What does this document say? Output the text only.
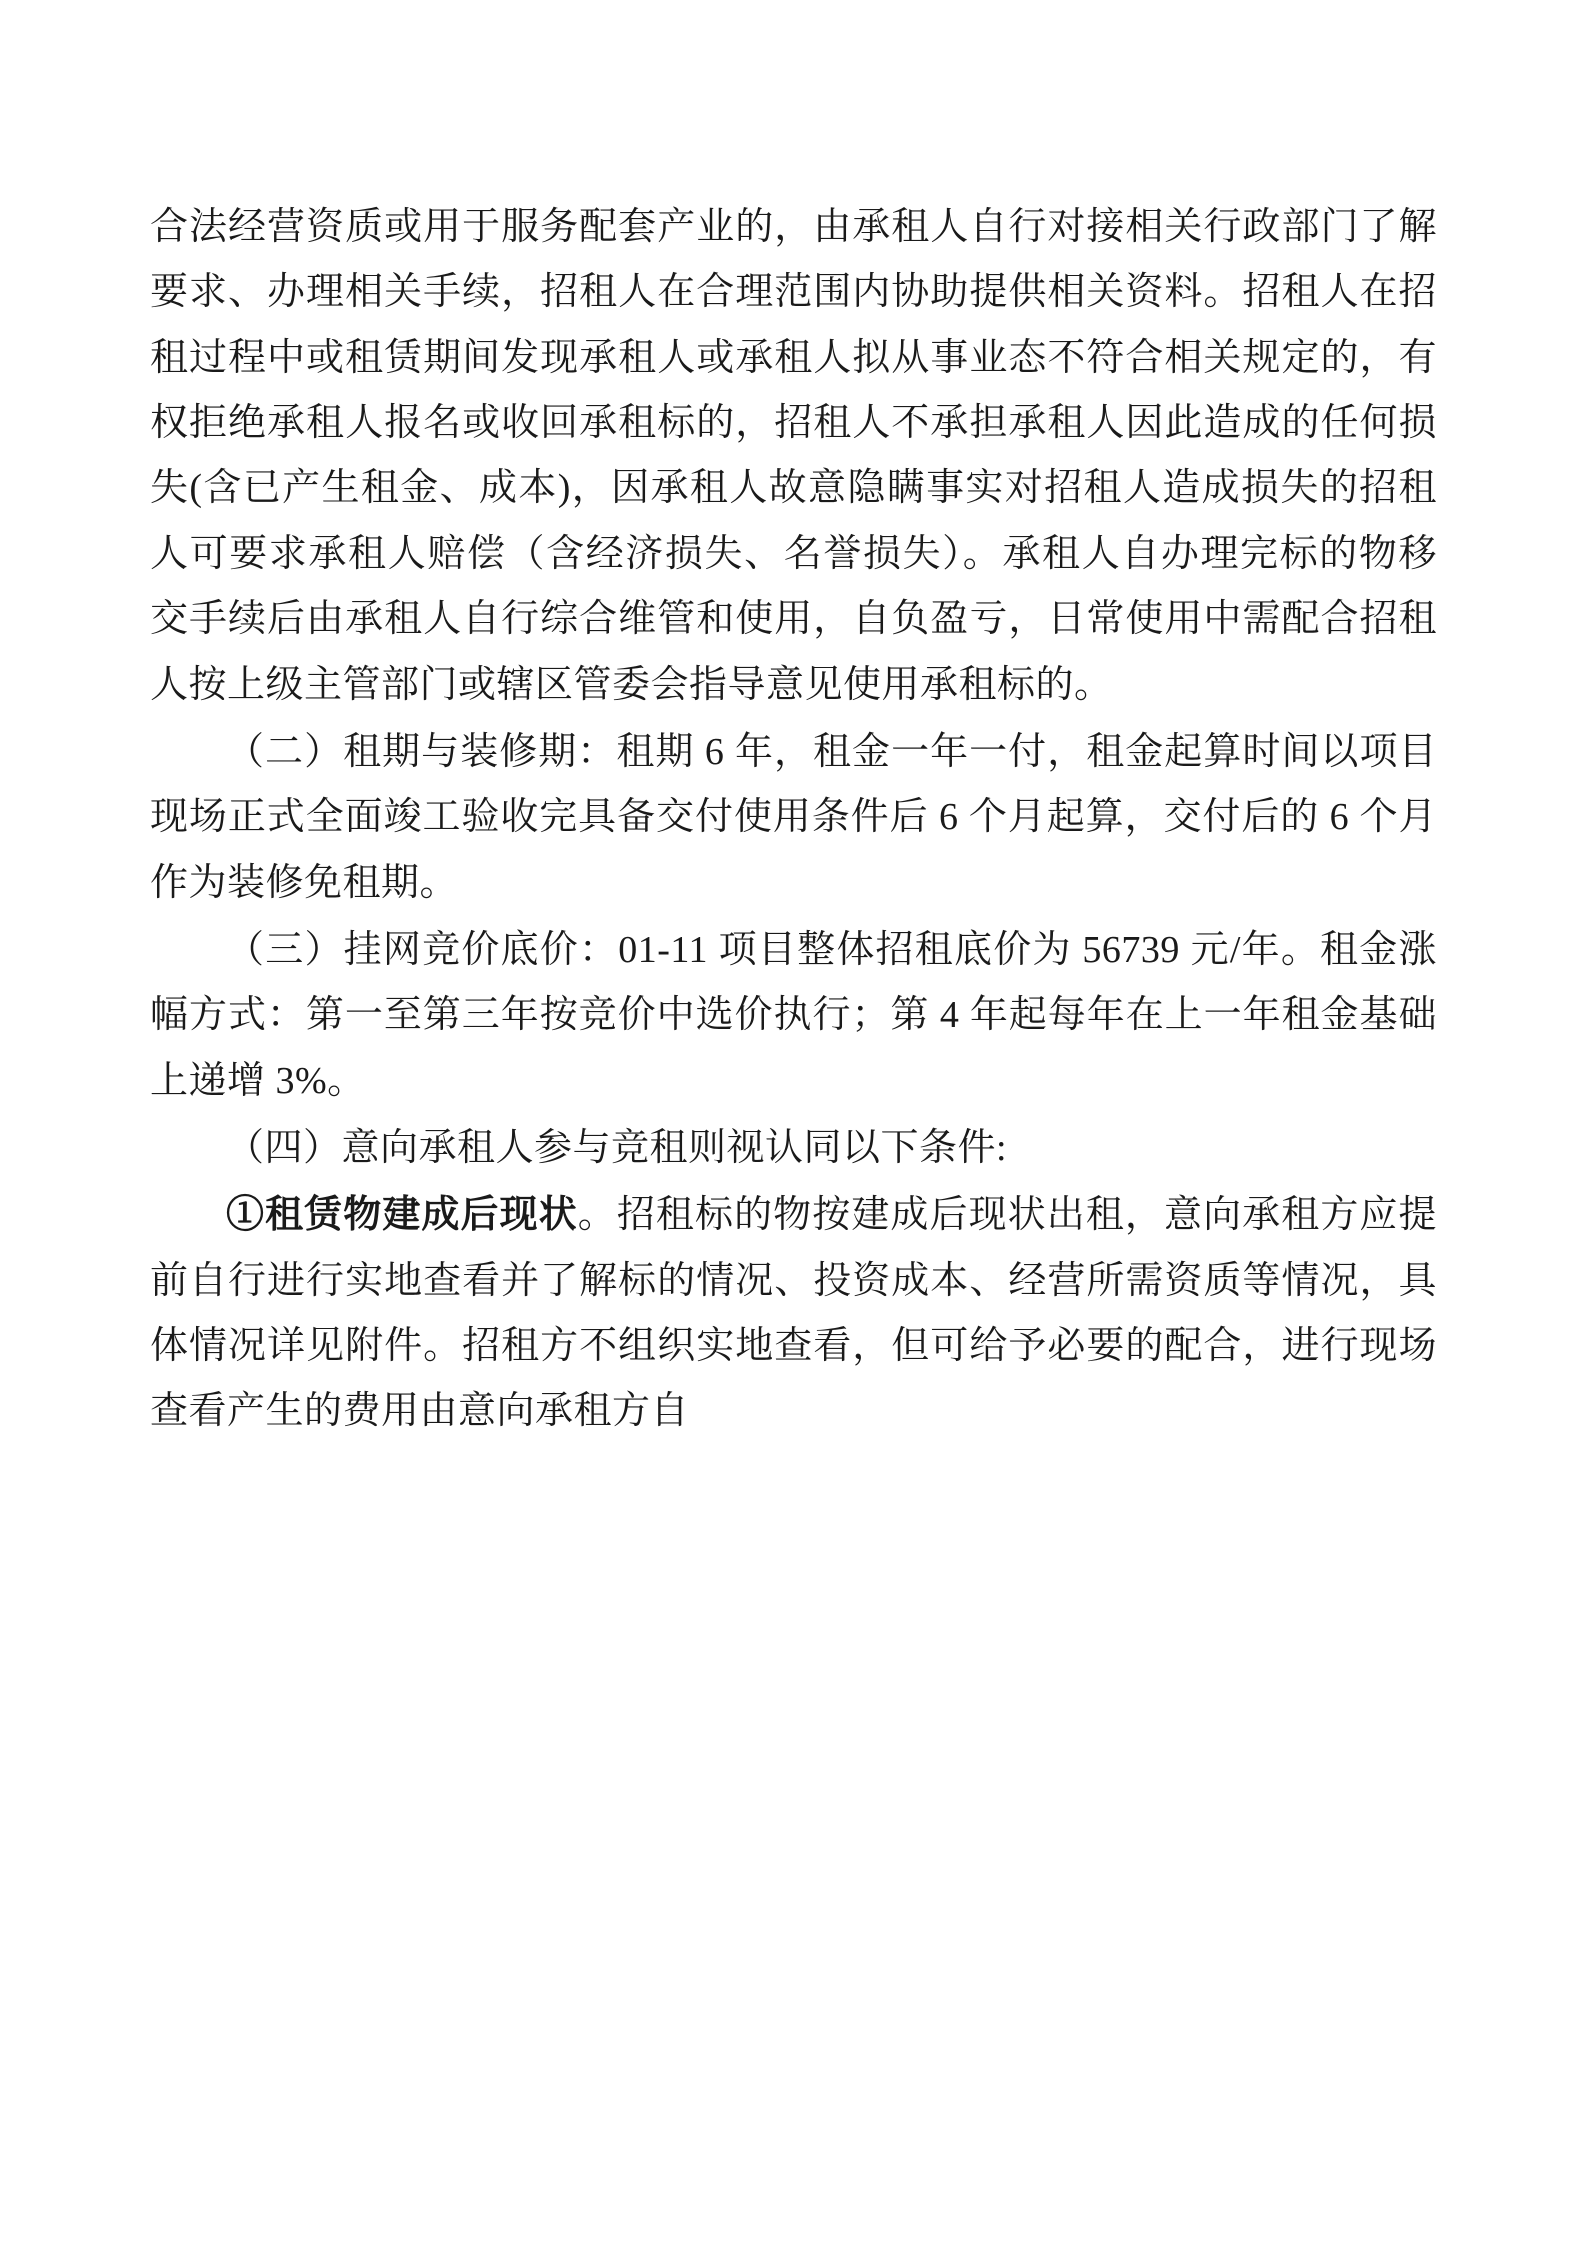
合法经营资质或用于服务配套产业的，由承租人自行对接相关行政部门了解要求、办理相关手续，招租人在合理范围内协助提供相关资料。招租人在招租过程中或租赁期间发现承租人或承租人拟从事业态不符合相关规定的，有权拒绝承租人报名或收回承租标的，招租人不承担承租人因此造成的任何损失(含已产生租金、成本)，因承租人故意隐瞒事实对招租人造成损失的招租人可要求承租人赔偿（含经济损失、名誉损失）。承租人自办理完标的物移交手续后由承租人自行综合维管和使用，自负盈亏，日常使用中需配合招租人按上级主管部门或辖区管委会指导意见使用承租标的。

（二）租期与装修期：租期 6 年，租金一年一付，租金起算时间以项目现场正式全面竣工验收完具备交付使用条件后 6 个月起算，交付后的 6 个月作为装修免租期。

（三）挂网竞价底价：01-11 项目整体招租底价为 56739 元/年。租金涨幅方式：第一至第三年按竞价中选价执行；第 4 年起每年在上一年租金基础上递增 3%。

（四）意向承租人参与竞租则视认同以下条件:

①租赁物建成后现状。招租标的物按建成后现状出租，意向承租方应提前自行进行实地查看并了解标的情况、投资成本、经营所需资质等情况，具体情况详见附件。招租方不组织实地查看，但可给予必要的配合，进行现场查看产生的费用由意向承租方自
